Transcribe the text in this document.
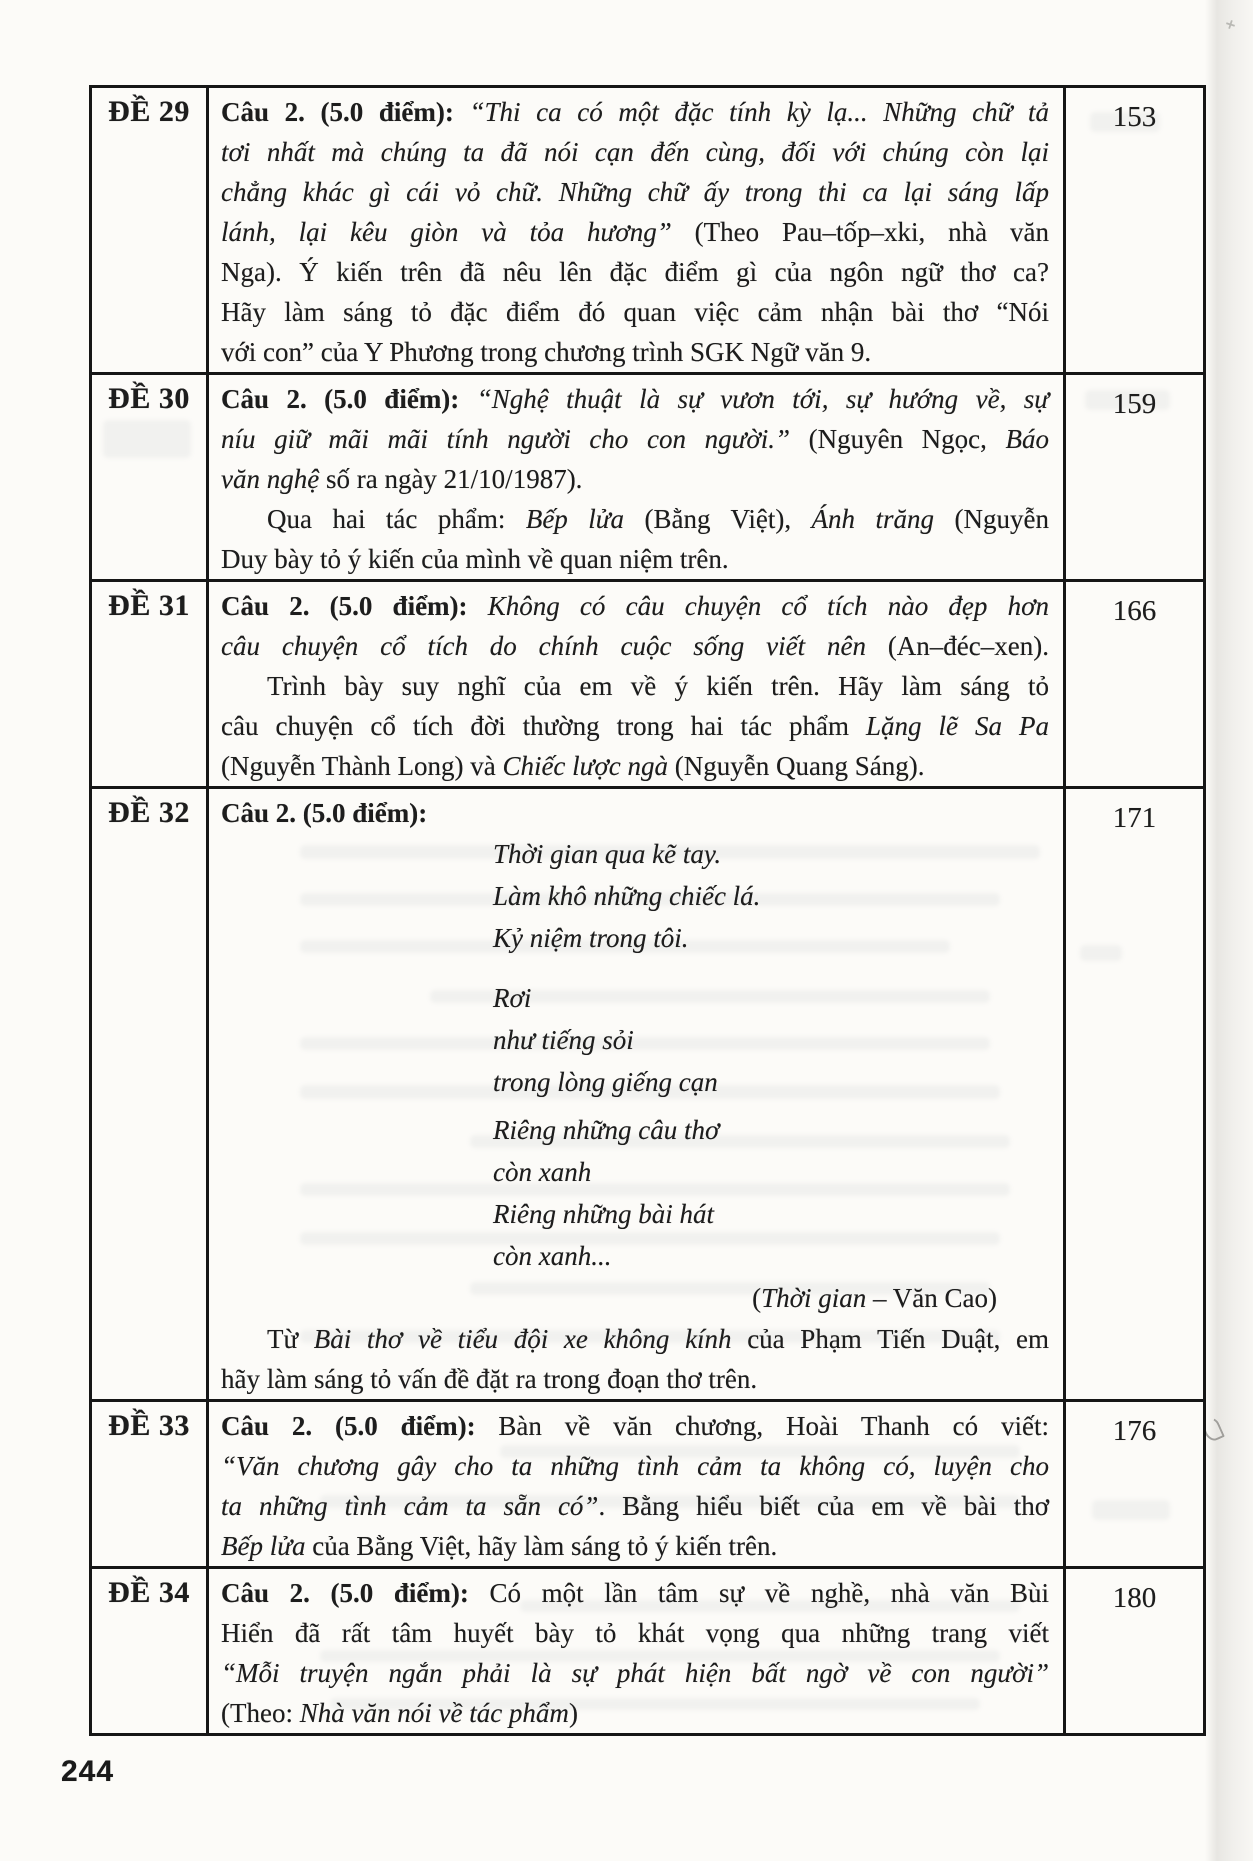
ĐỀ 29	Câu 2. (5.0 điểm): “Thi ca có một đặc tính kỳ lạ... Những chữ tả
tơi nhất mà chúng ta đã nói cạn đến cùng, đối với chúng còn lại
chẳng khác gì cái vỏ chữ. Những chữ ấy trong thi ca lại sáng lấp
lánh, lại kêu giòn và tỏa hương” (Theo Pau–tốp–xki, nhà văn
Nga). Ý kiến trên đã nêu lên đặc điểm gì của ngôn ngữ thơ ca?
Hãy làm sáng tỏ đặc điểm đó quan việc cảm nhận bài thơ “Nói
với con” của Y Phương trong chương trình SGK Ngữ văn 9.
153
ĐỀ 30	Câu 2. (5.0 điểm): “Nghệ thuật là sự vươn tới, sự hướng về, sự
níu giữ mãi mãi tính người cho con người.” (Nguyên Ngọc, Báo
văn nghệ số ra ngày 21/10/1987).
Qua hai tác phẩm: Bếp lửa (Bằng Việt), Ánh trăng (Nguyễn
Duy bày tỏ ý kiến của mình về quan niệm trên.
159
ĐỀ 31	Câu 2. (5.0 điểm): Không có câu chuyện cổ tích nào đẹp hơn
câu chuyện cổ tích do chính cuộc sống viết nên (An–đéc–xen).
Trình bày suy nghĩ của em về ý kiến trên. Hãy làm sáng tỏ
câu chuyện cổ tích đời thường trong hai tác phẩm Lặng lẽ Sa Pa
(Nguyễn Thành Long) và Chiếc lược ngà (Nguyễn Quang Sáng).
166
ĐỀ 32	Câu 2. (5.0 điểm):
Thời gian qua kẽ tay.
Làm khô những chiếc lá.
Kỷ niệm trong tôi.
Rơi
như tiếng sỏi
trong lòng giếng cạn
Riêng những câu thơ
còn xanh
Riêng những bài hát
còn xanh...
(Thời gian – Văn Cao)
Từ Bài thơ về tiểu đội xe không kính của Phạm Tiến Duật, em
hãy làm sáng tỏ vấn đề đặt ra trong đoạn thơ trên.
171
ĐỀ 33	Câu 2. (5.0 điểm): Bàn về văn chương, Hoài Thanh có viết:
“Văn chương gây cho ta những tình cảm ta không có, luyện cho
ta những tình cảm ta sẵn có”. Bằng hiểu biết của em về bài thơ
Bếp lửa của Bằng Việt, hãy làm sáng tỏ ý kiến trên.
176
ĐỀ 34	Câu 2. (5.0 điểm): Có một lần tâm sự về nghề, nhà văn Bùi
Hiển đã rất tâm huyết bày tỏ khát vọng qua những trang viết
“Mỗi truyện ngắn phải là sự phát hiện bất ngờ về con người”
(Theo: Nhà văn nói về tác phẩm)
180
244
